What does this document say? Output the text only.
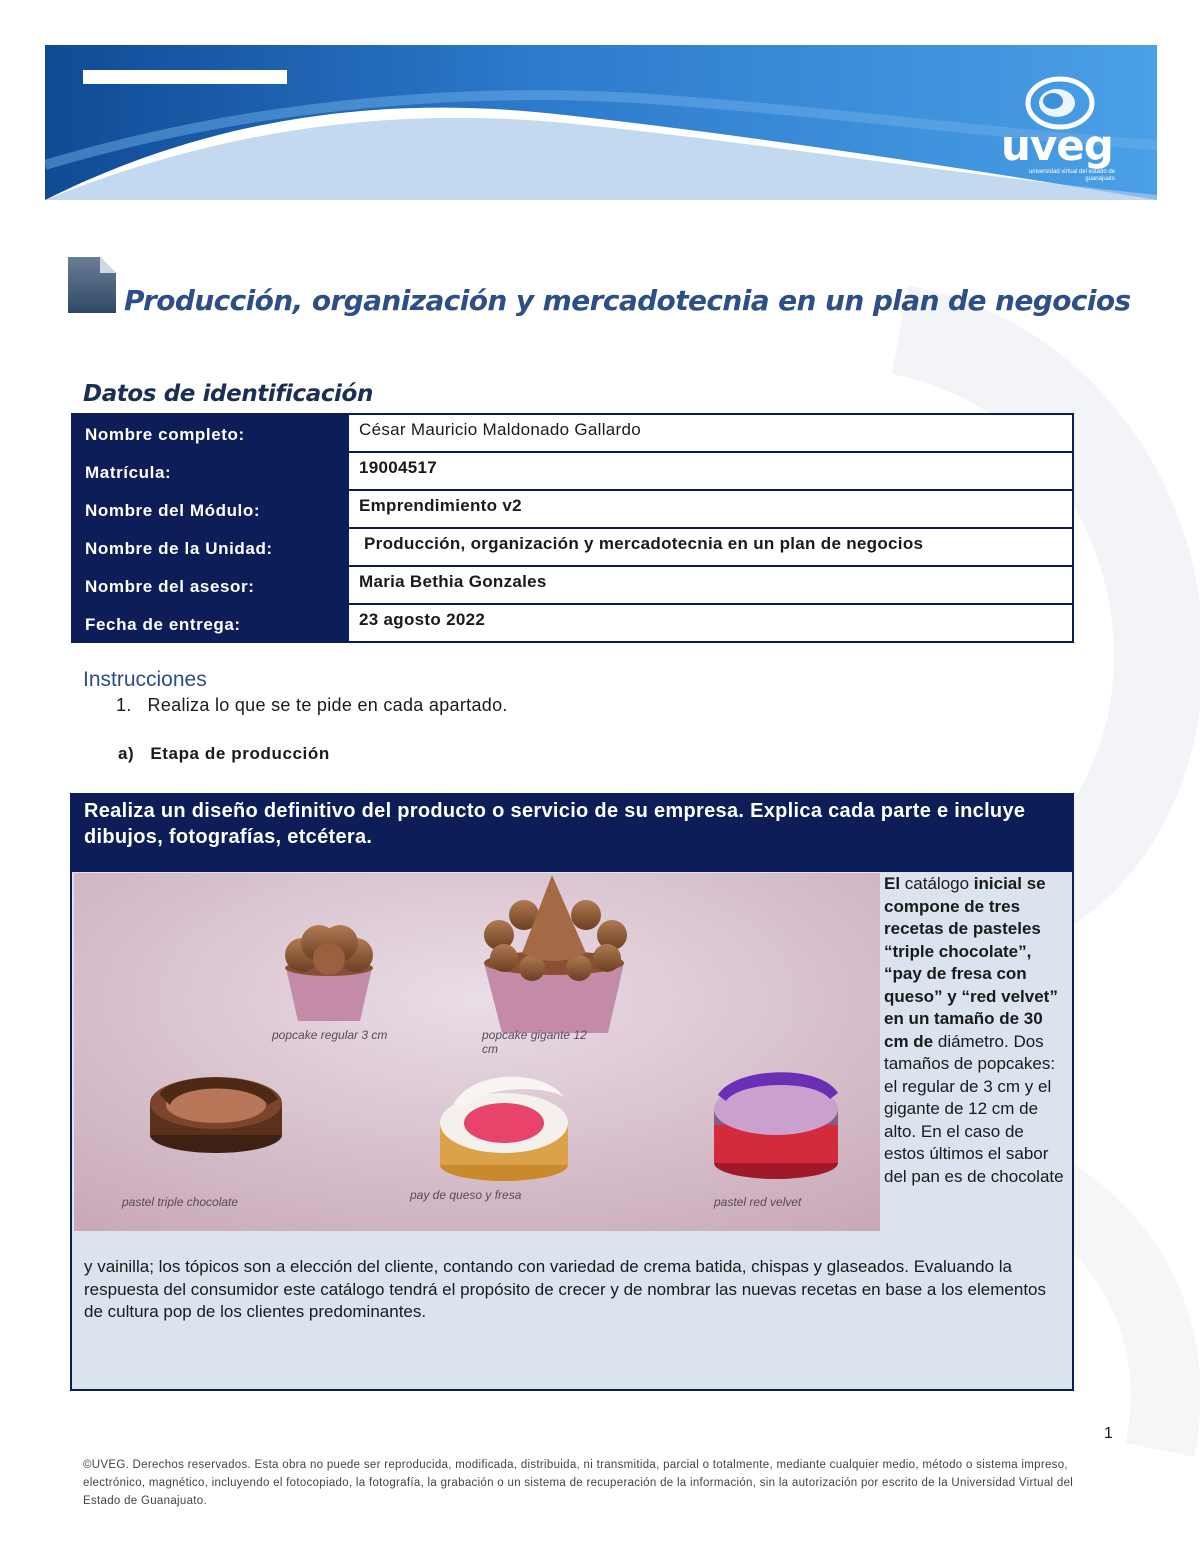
uveg
universidad virtual del estado de guanajuato
Producción, organización y mercadotecnia en un plan de negocios
Datos de identificación
Nombre completo:	César Mauricio Maldonado Gallardo
Matrícula:	19004517
Nombre del Módulo:	Emprendimiento v2
Nombre de la Unidad:	Producción, organización y mercadotecnia en un plan de negocios
Nombre del asesor:	Maria Bethia Gonzales
Fecha de entrega:	23 agosto 2022
Instrucciones
1. Realiza lo que se te pide en cada apartado.
a) Etapa de producción
Realiza un diseño definitivo del producto o servicio de su empresa. Explica cada parte e incluye dibujos, fotografías, etcétera.
popcake regular 3 cm	popcake gigante 12
cm
pastel triple chocolate	pay de queso y fresa	pastel red velvet
El catálogo inicial se compone de tres recetas de pasteles “triple chocolate”, “pay de fresa con queso” y “red velvet” en un tamaño de 30 cm de diámetro. Dos tamaños de popcakes: el regular de 3 cm y el gigante de 12 cm de alto. En el caso de estos últimos el sabor del pan es de chocolate
y vainilla; los tópicos son a elección del cliente, contando con variedad de crema batida, chispas y glaseados. Evaluando la respuesta del consumidor este catálogo tendrá el propósito de crecer y de nombrar las nuevas recetas en base a los elementos de cultura pop de los clientes predominantes.
1
©UVEG. Derechos reservados. Esta obra no puede ser reproducida, modificada, distribuida, ni transmitida, parcial o totalmente, mediante cualquier medio, método o sistema impreso, electrónico, magnético, incluyendo el fotocopiado, la fotografía, la grabación o un sistema de recuperación de la información, sin la autorización por escrito de la Universidad Virtual del Estado de Guanajuato.
